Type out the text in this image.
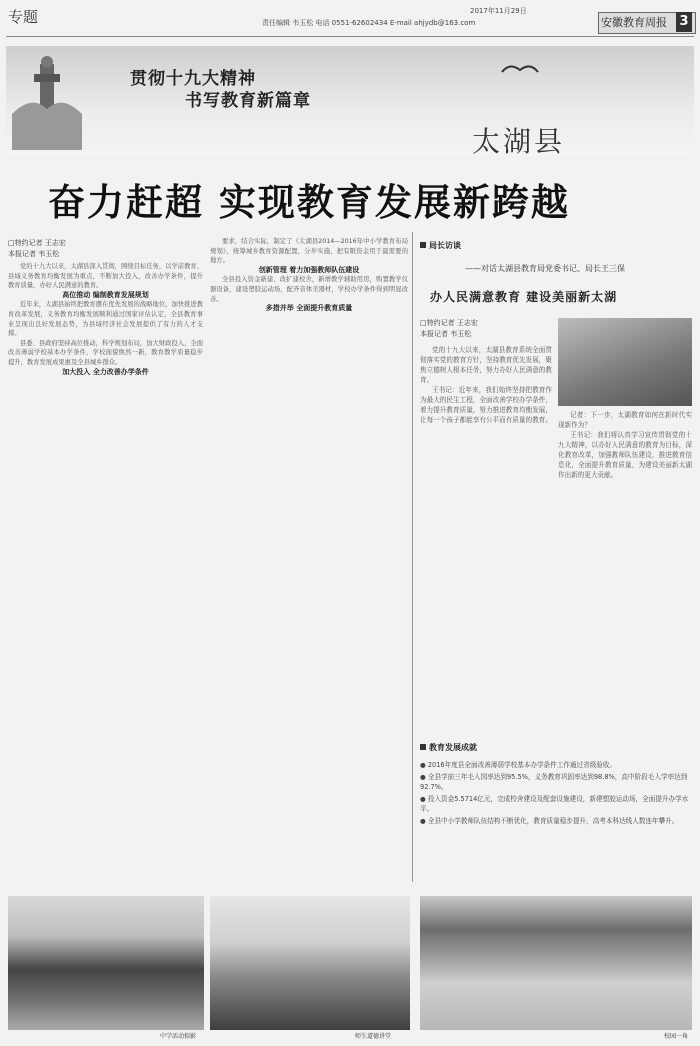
专题	2017年11月29日
责任编辑 韦玉松 电话 0551-62602434 E-mail ahjydb@163.com	安徽教育周报 3
贯彻十九大精神
书写教育新篇章
太湖县
奋力赶超 实现教育发展新跨越
□特约记者 王志宏
本报记者 韦玉松

党的十九大以来，太湖县深入贯彻，围绕目标任务，以学前教育、县域义务教育均衡发展为重点，不断加大投入，改善办学条件，提升教育质量，办好人民满意的教育。

高位推动 编制教育发展规划

近年来，太湖县始终把教育摆在优先发展的战略地位，加快推进教育改革发展，义务教育均衡发展顺利通过国家评估认定，全县教育事业呈现出良好发展态势，为县域经济社会发展提供了有力的人才支撑。

县委、县政府坚持高位推动，科学规划布局，加大财政投入，全面改善薄弱学校基本办学条件，学校面貌焕然一新，教育教学质量稳步提升，教育发展成果惠及全县城乡群众。

加大投入 全力改善办学条件

要求，结合实际，制定了《太湖县2014—2016年中小学教育布局规划》，统筹城乡教育资源配置，分步实施，把有限资金用于最需要的地方。

创新管理 着力加强教师队伍建设

全县投入资金新建、改扩建校舍，新增教学辅助用房，购置教学仪器设备，建设塑胶运动场，配齐音体美器材，学校办学条件得到明显改善。

多措并举 全面提升教育质量
局长访谈
——对话太湖县教育局党委书记、局长王三保
办人民满意教育 建设美丽新太湖
□特约记者 王志宏
本报记者 韦玉松

党的十九大以来，太湖县教育系统全面贯彻落实党的教育方针，坚持教育优先发展，聚焦立德树人根本任务，努力办好人民满意的教育。

王书记：近年来，我们始终坚持把教育作为最大的民生工程，全面改善学校办学条件，着力提升教育质量，努力推进教育均衡发展，让每一个孩子都能享有公平而有质量的教育。

记者：下一步，太湖教育如何在新时代实现新作为？

王书记：我们将认真学习宣传贯彻党的十九大精神，以办好人民满意的教育为目标，深化教育改革，加强教师队伍建设，推进教育信息化，全面提升教育质量，为建设美丽新太湖作出新的更大贡献。

教育发展成就
● 2016年度县全面改善薄弱学校基本办学条件工作通过省级验收。
● 全县学前三年毛入园率达到95.5%，义务教育巩固率达到98.8%，高中阶段毛入学率达到92.7%。
● 投入资金5.5714亿元，完成校舍建设及配套设施建设，新建塑胶运动场，全面提升办学水平。
● 全县中小学教师队伍结构不断优化，教育质量稳步提升，高考本科达线人数连年攀升。
中学活动掠影	师生道德讲堂	校园一角
